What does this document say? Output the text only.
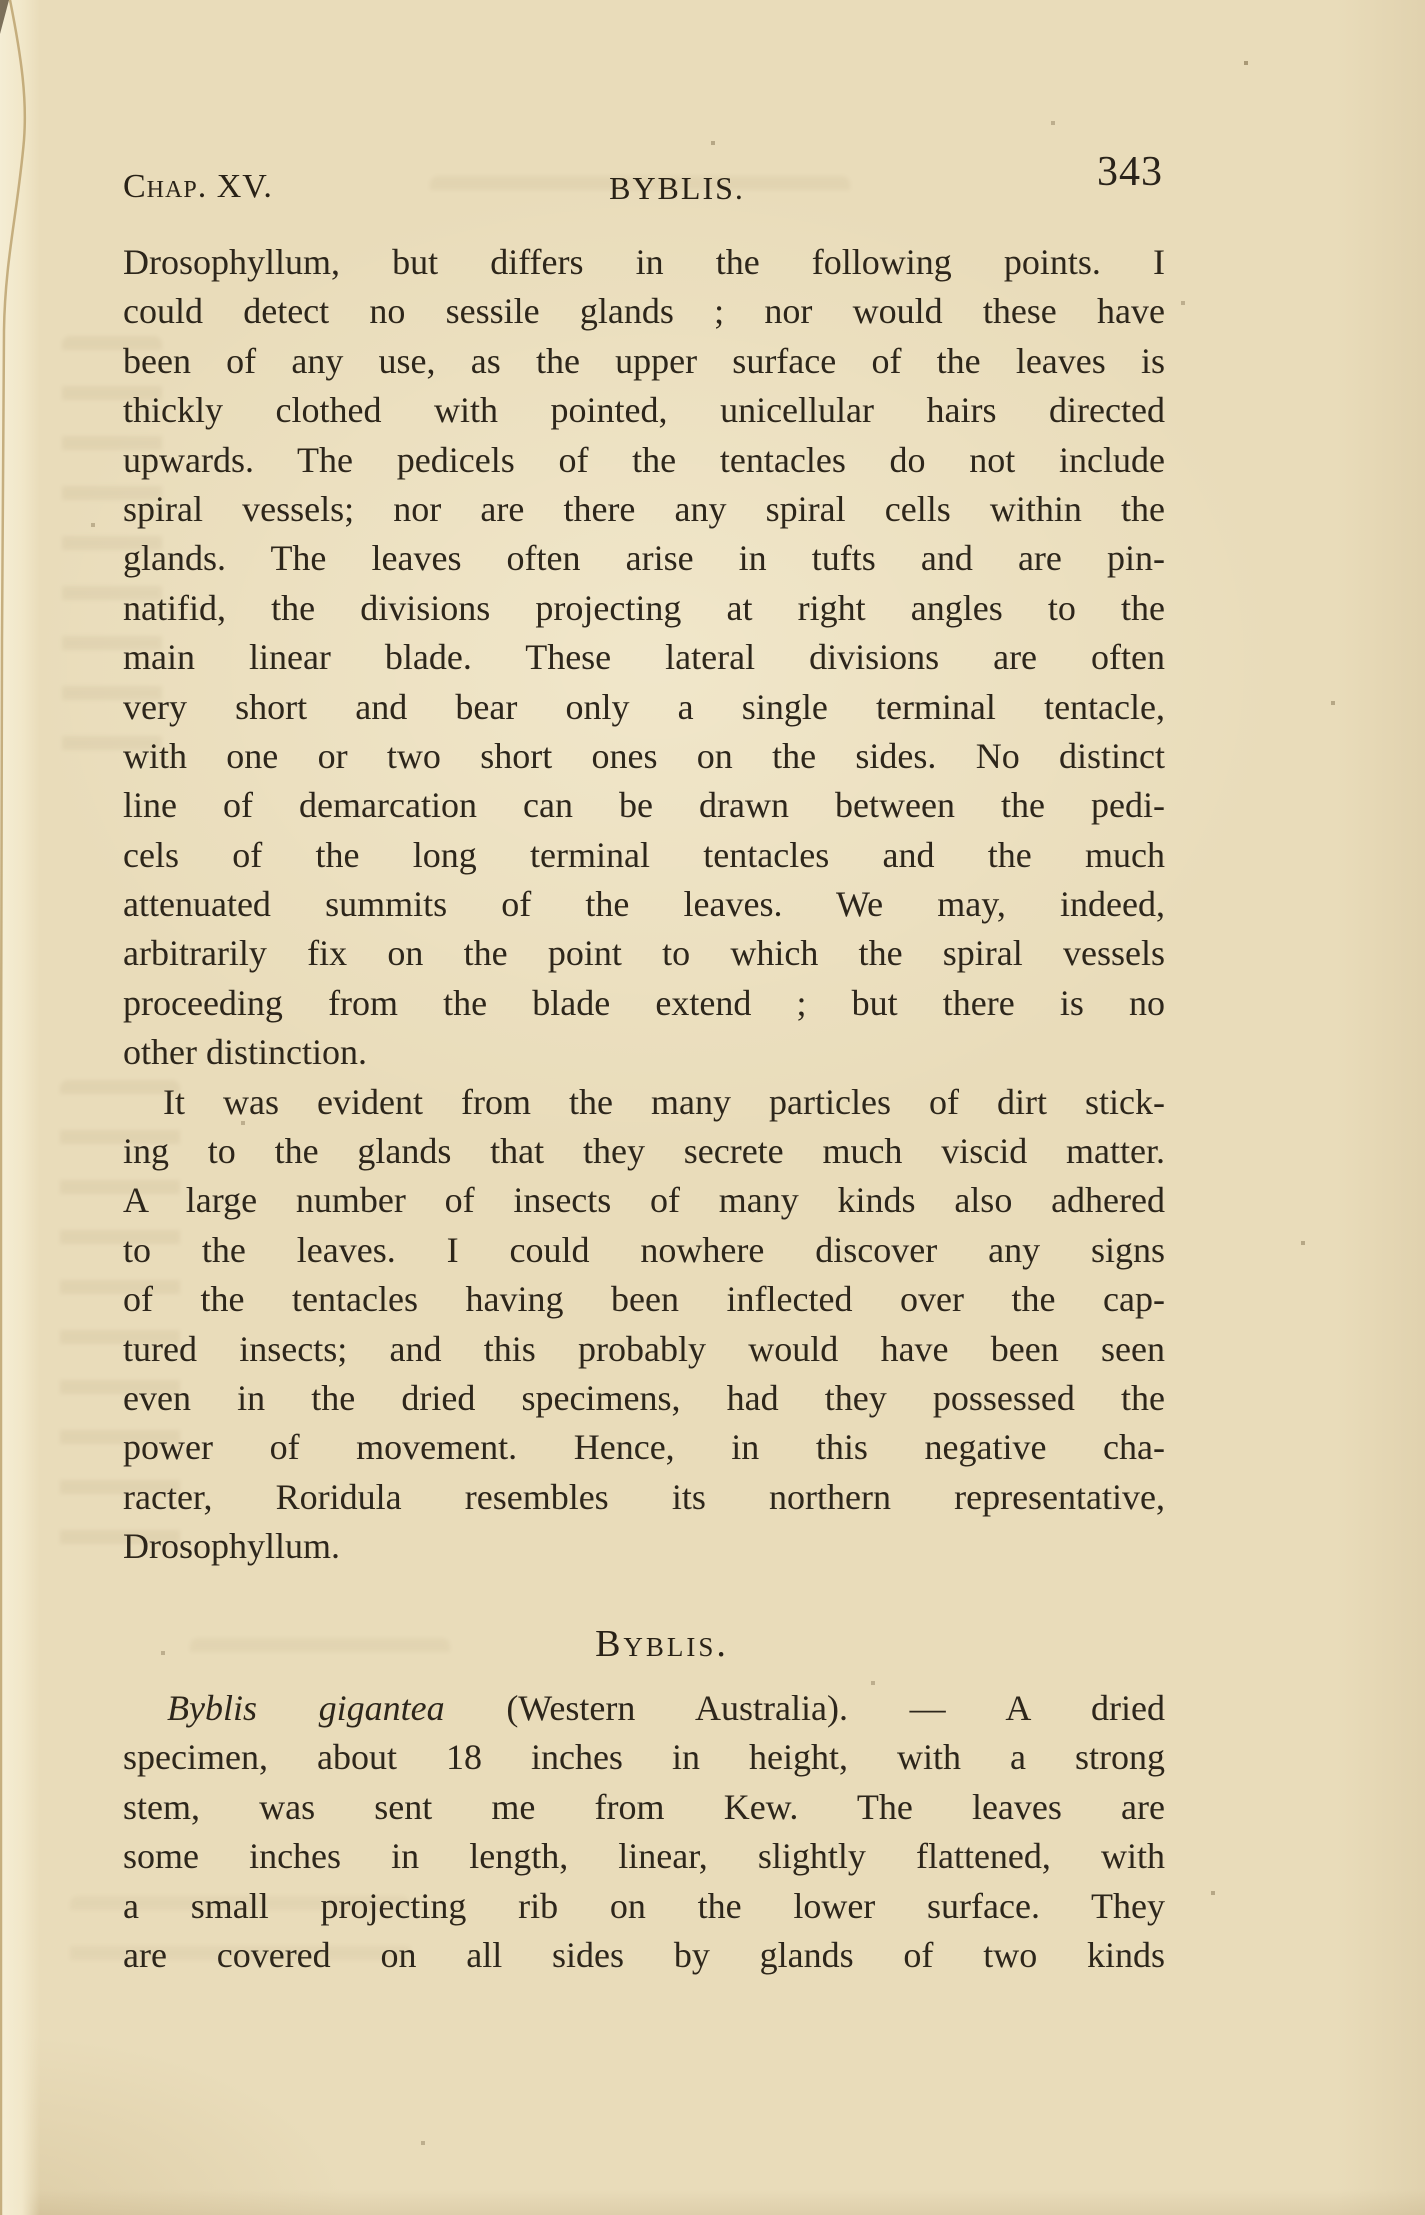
Chap. XV.	BYBLIS.	343
Drosophyllum, but differs in the following points. I
could detect no sessile glands ; nor would these have
been of any use, as the upper surface of the leaves is
thickly clothed with pointed, unicellular hairs directed
upwards. The pedicels of the tentacles do not include
spiral vessels; nor are there any spiral cells within the
glands. The leaves often arise in tufts and are pin-
natifid, the divisions projecting at right angles to the
main linear blade. These lateral divisions are often
very short and bear only a single terminal tentacle,
with one or two short ones on the sides. No distinct
line of demarcation can be drawn between the pedi-
cels of the long terminal tentacles and the much
attenuated summits of the leaves. We may, indeed,
arbitrarily fix on the point to which the spiral vessels
proceeding from the blade extend ; but there is no
other distinction.
It was evident from the many particles of dirt stick-
ing to the glands that they secrete much viscid matter.
A large number of insects of many kinds also adhered
to the leaves. I could nowhere discover any signs
of the tentacles having been inflected over the cap-
tured insects; and this probably would have been seen
even in the dried specimens, had they possessed the
power of movement. Hence, in this negative cha-
racter, Roridula resembles its northern representative,
Drosophyllum.
Byblis.
Byblis gigantea (Western Australia). — A dried
specimen, about 18 inches in height, with a strong
stem, was sent me from Kew. The leaves are
some inches in length, linear, slightly flattened, with
a small projecting rib on the lower surface. They
are covered on all sides by glands of two kinds
